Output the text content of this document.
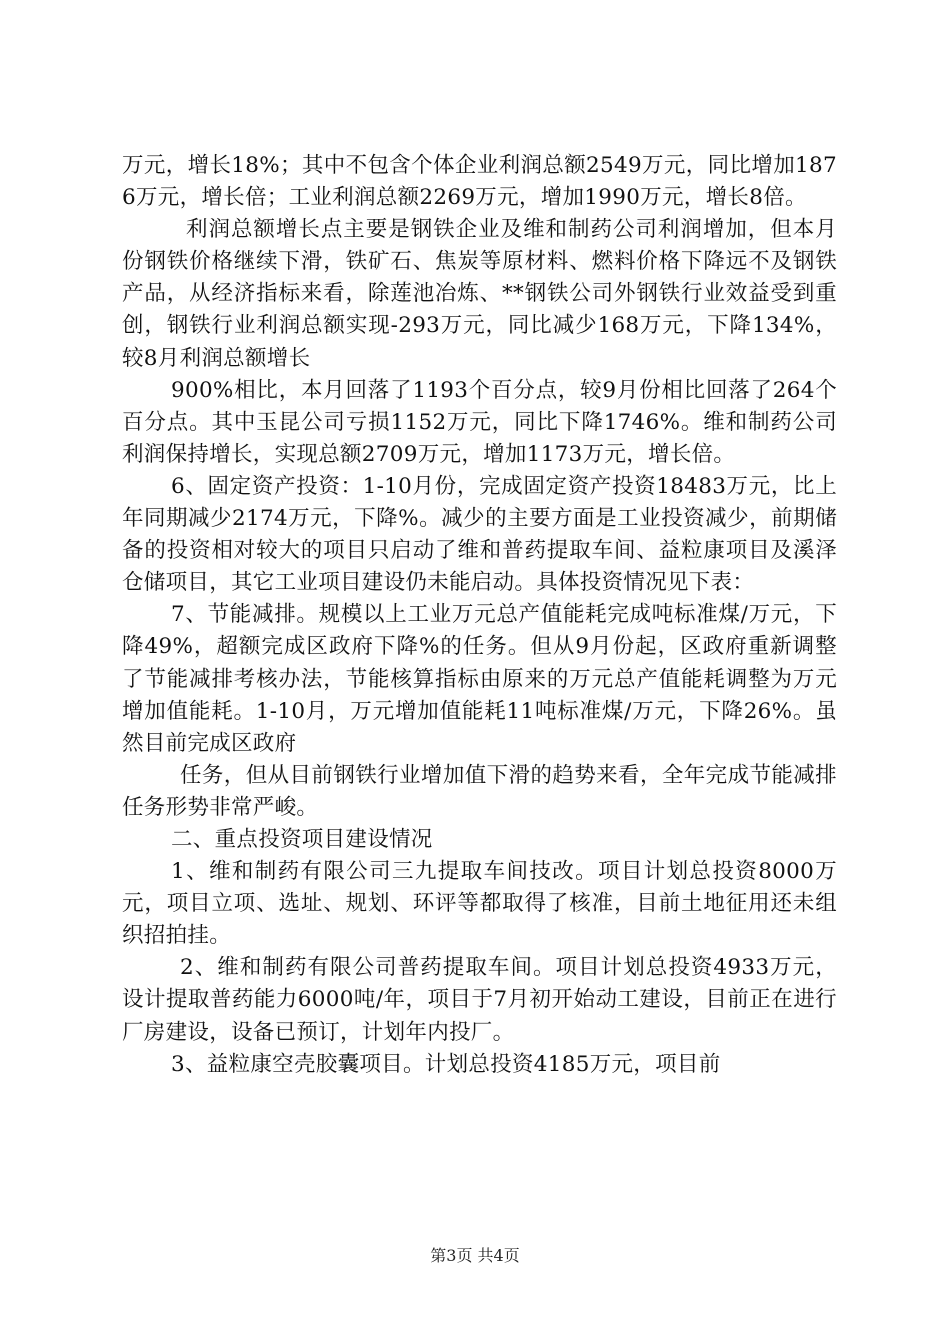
万元，增长18%；其中不包含个体企业利润总额2549万元，同比增加1876万元，增长倍；工业利润总额2269万元，增加1990万元，增长8倍。

利润总额增长点主要是钢铁企业及维和制药公司利润增加，但本月份钢铁价格继续下滑，铁矿石、焦炭等原材料、燃料价格下降远不及钢铁产品，从经济指标来看，除莲池冶炼、**钢铁公司外钢铁行业效益受到重创，钢铁行业利润总额实现-293万元，同比减少168万元，下降134%，较8月利润总额增长

900%相比，本月回落了1193个百分点，较9月份相比回落了264个百分点。其中玉昆公司亏损1152万元，同比下降1746%。维和制药公司利润保持增长，实现总额2709万元，增加1173万元，增长倍。

6、固定资产投资：1-10月份，完成固定资产投资18483万元，比上年同期减少2174万元，下降%。减少的主要方面是工业投资减少，前期储备的投资相对较大的项目只启动了维和普药提取车间、益粒康项目及溪泽仓储项目，其它工业项目建设仍未能启动。具体投资情况见下表：

7、节能减排。规模以上工业万元总产值能耗完成吨标准煤/万元，下降49%，超额完成区政府下降%的任务。但从9月份起，区政府重新调整了节能减排考核办法，节能核算指标由原来的万元总产值能耗调整为万元增加值能耗。1-10月，万元增加值能耗11吨标准煤/万元，下降26%。虽然目前完成区政府

任务，但从目前钢铁行业增加值下滑的趋势来看，全年完成节能减排任务形势非常严峻。

二、重点投资项目建设情况

1、维和制药有限公司三九提取车间技改。项目计划总投资8000万元，项目立项、选址、规划、环评等都取得了核准，目前土地征用还未组织招拍挂。

2、维和制药有限公司普药提取车间。项目计划总投资4933万元，设计提取普药能力6000吨/年，项目于7月初开始动工建设，目前正在进行厂房建设，设备已预订，计划年内投厂。

3、益粒康空壳胶囊项目。计划总投资4185万元，项目前

第3页 共4页
